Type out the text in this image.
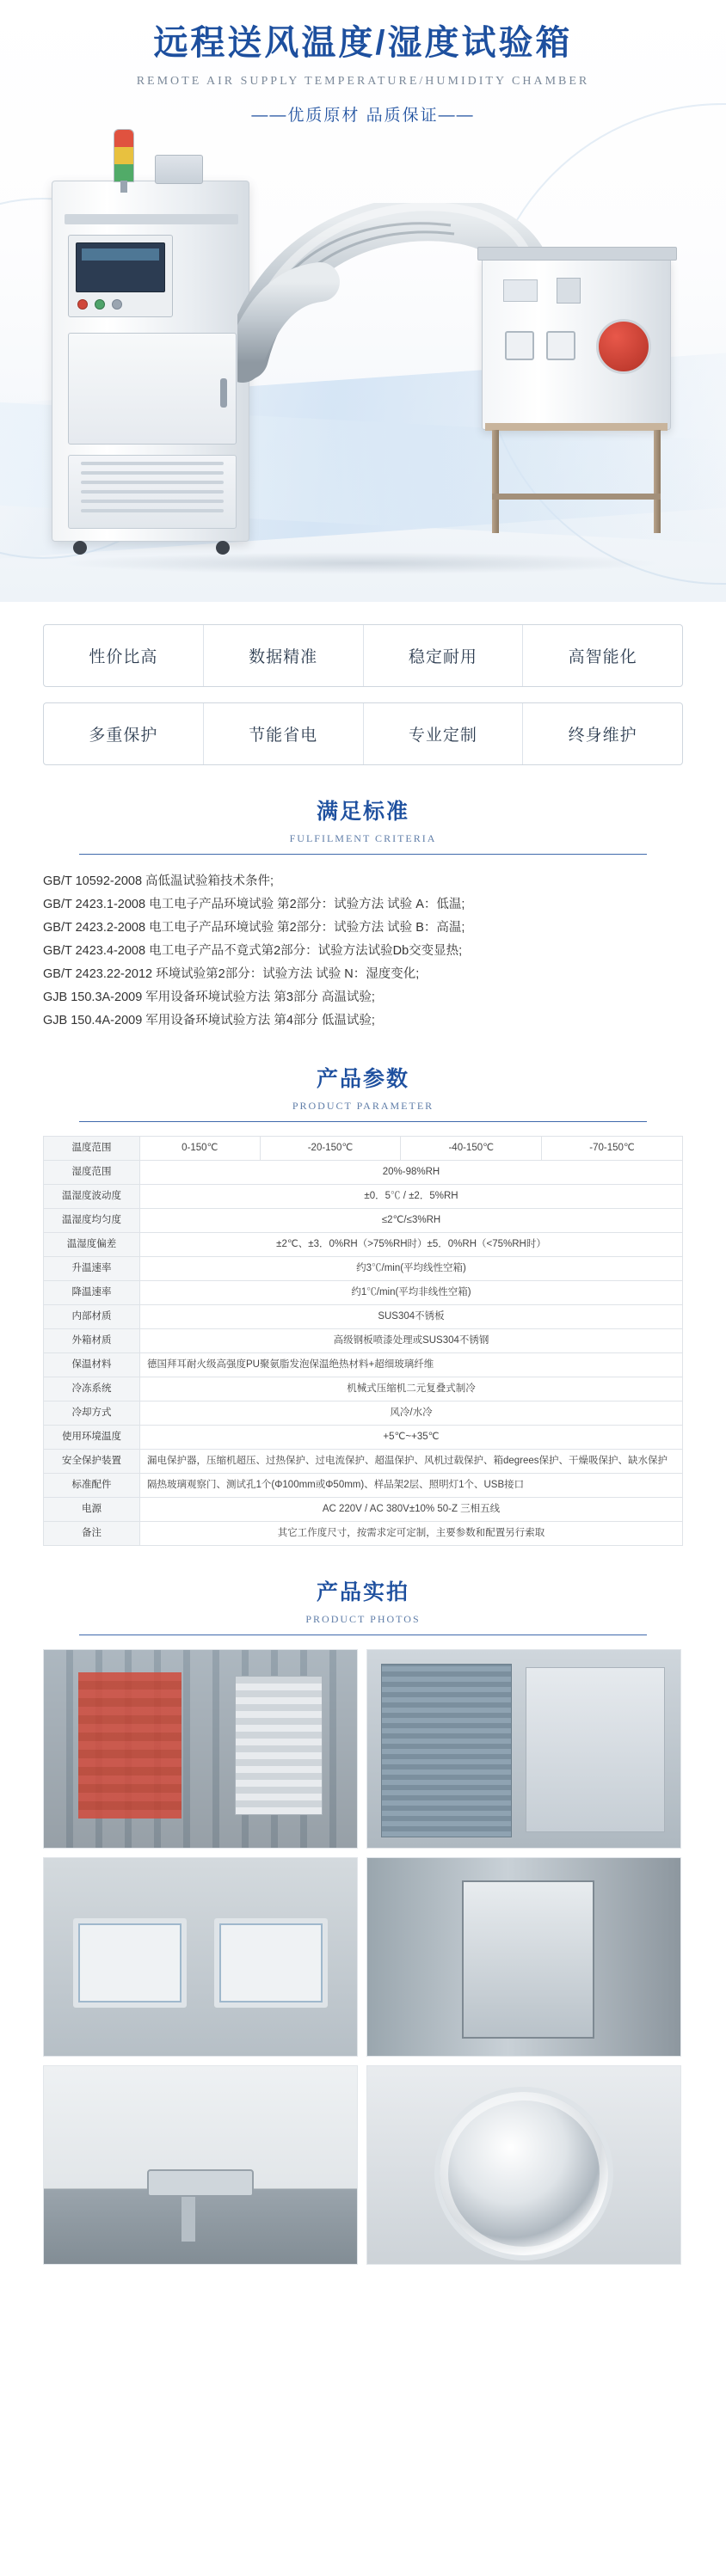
远程送风温度/湿度试验箱
REMOTE AIR SUPPLY TEMPERATURE/HUMIDITY CHAMBER
——优质原材 品质保证——
性价比高	数据精准	稳定耐用	高智能化
多重保护	节能省电	专业定制	终身维护
满足标准
FULFILMENT CRITERIA

GB/T 10592-2008 高低温试验箱技术条件;

GB/T 2423.1-2008 电工电子产品环境试验 第2部分：试验方法 试验 A：低温;

GB/T 2423.2-2008 电工电子产品环境试验 第2部分：试验方法 试验 B：高温;

GB/T 2423.4-2008 电工电子产品不竟式第2部分：试验方法试验Db交变显热;

GB/T 2423.22-2012 环境试验第2部分：试验方法 试验 N：湿度变化;

GJB 150.3A-2009 军用设备环境试验方法 第3部分 高温试验;

GJB 150.4A-2009 军用设备环境试验方法 第4部分 低温试验;

产品参数
PRODUCT PARAMETER
温度范围	0-150℃	-20-150℃	-40-150℃	-70-150℃
湿度范围	20%-98%RH			
温湿度波动度	±0．5℃ / ±2．5%RH			
温湿度均匀度	≤2℃/≤3%RH			
温湿度偏差	±2℃、±3．0%RH（>75%RH时）±5．0%RH（<75%RH时）			
升温速率	约3℃/min(平均线性空箱)			
降温速率	约1℃/min(平均非线性空箱)			
内部材质	SUS304不锈板			
外箱材质	高级钢板喷漆处理或SUS304不锈钢			
保温材料	德国拜耳耐火级高强度PU聚氨脂发泡保温绝热材料+超细玻璃纤维			
冷冻系统	机械式压缩机二元复叠式制冷			
冷却方式	风冷/水冷			
使用环境温度	+5℃~+35℃			
安全保护装置	漏电保护器，压缩机超压、过热保护、过电流保护、超温保护、风机过载保护、箱degrees保护、干燥吸保护、缺水保护			
标准配件	隔热玻璃观察门、测试孔1个(Φ100mm或Φ50mm)、样品架2层、照明灯1个、USB接口			
电源	AC 220V / AC 380V±10% 50-Z 三相五线			
备注	其它工作度尺寸，按需求定可定制，主要参数和配置另行索取			
产品实拍
PRODUCT PHOTOS
